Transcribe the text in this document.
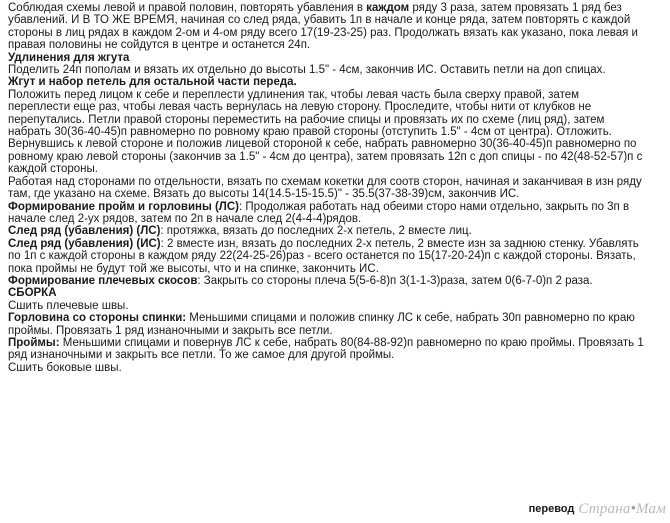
Соблюдая схемы левой и правой половин, повторять убавления в каждом ряду 3 раза, затем провязать 1 ряд без убавлений. И В ТО ЖЕ ВРЕМЯ, начиная со след ряда, убавить 1п в начале и конце ряда, затем повторять с каждой стороны в лиц рядах в каждом 2-ом и 4-ом ряду всего 17(19-23-25) раз. Продолжать вязать как указано, пока левая и правая половины не сойдутся в центре и останется 24п.

Удлинения для жгута

Поделить 24п пополам и вязать их отдельно до высоты 1.5" - 4см, закончив ИС. Оставить петли на доп спицах.

Жгут и набор петель для остальной части переда.

Положить перед лицом к себе и переплести удлинения так, чтобы левая часть была сверху правой, затем переплести еще раз, чтобы левая часть вернулась на левую сторону. Проследите, чтобы нити от клубков не перепутались. Петли правой стороны переместить на рабочие спицы и провязать их по схеме (лиц ряд), затем набрать 30(36-40-45)п равномерно по ровному краю правой стороны (отступить 1.5" - 4см от центра). Отложить. Вернувшись к левой стороне и положив лицевой стороной к себе, набрать равномерно 30(36-40-45)п равномерно по ровному краю левой стороны (закончив за 1.5" - 4см до центра), затем провязать 12п с доп спицы - по 42(48-52-57)п с каждой стороны.

Работая над сторонами по отдельности, вязать по схемам кокетки для соотв сторон, начиная и заканчивая в изн ряду там, где указано на схеме. Вязать до высоты 14(14.5-15-15.5)" - 35.5(37-38-39)см, закончив ИС.

Формирование пройм и горловины (ЛС): Продолжая работать над обеими сторо нами отдельно, закрыть по 3п в начале след 2-ух рядов, затем по 2п в начале след 2(4-4-4)рядов.

След ряд (убавления) (ЛС): протяжка, вязать до последних 2-х петель, 2 вместе лиц.

След ряд (убавления) (ИС): 2 вместе изн, вязать до последних 2-х петель, 2 вместе изн за заднюю стенку. Убавлять по 1п с каждой стороны в каждом ряду 22(24-25-26)раз - всего останется по 15(17-20-24)п с каждой стороны. Вязать, пока проймы не будут той же высоты, что и на спинке, закончить ИС.

Формирование плечевых скосов: Закрыть со стороны плеча 5(5-6-8)п 3(1-1-3)раза, затем 0(6-7-0)п 2 раза.

СБОРКА

Сшить плечевые швы.

Горловина со стороны спинки: Меньшими спицами и положив спинку ЛС к себе, набрать 30п равномерно по краю проймы. Провязать 1 ряд изнаночными и закрыть все петли.

Проймы: Меньшими спицами и повернув ЛС к себе, набрать 80(84-88-92)п равномерно по краю проймы. Провязать 1 ряд изнаночными и закрыть все петли. То же самое для другой проймы.

Сшить боковые швы.

перевод Страна•Мам
